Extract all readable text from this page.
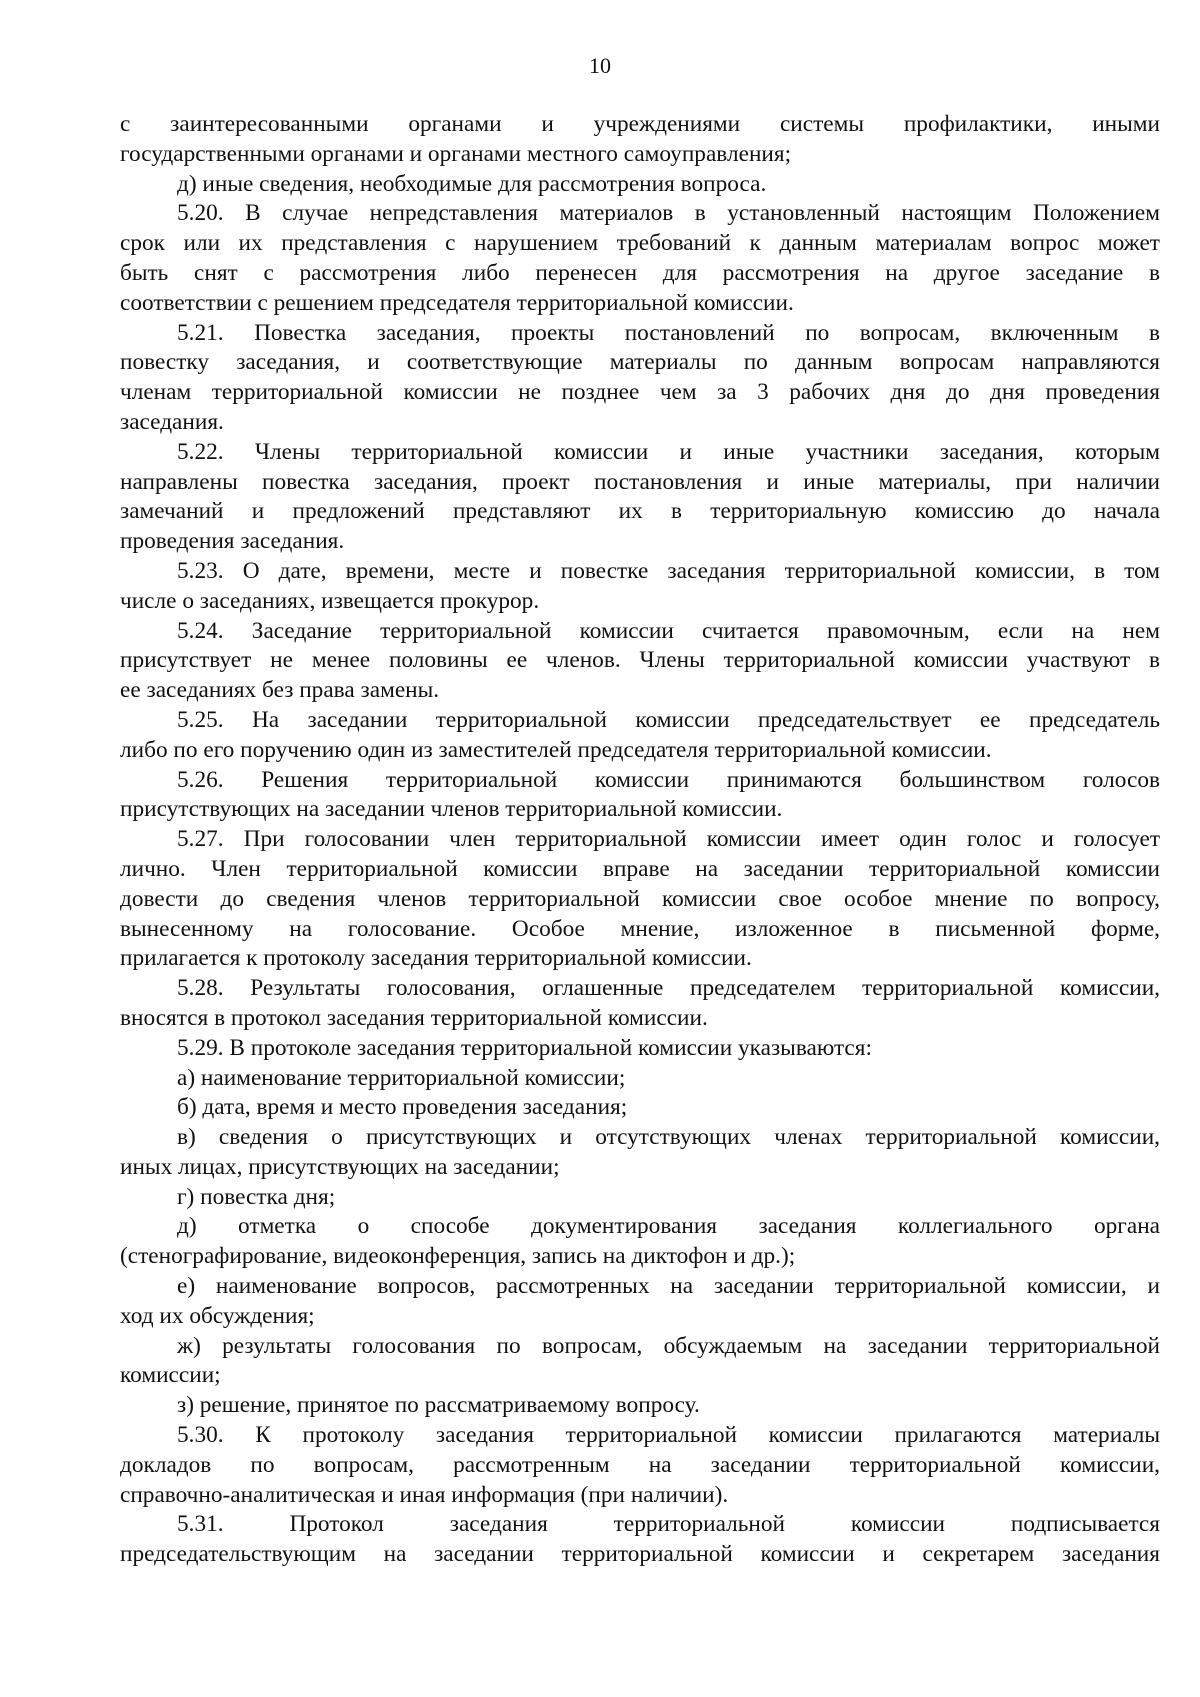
10
с заинтересованными органами и учреждениями системы профилактики, иными
государственными органами и органами местного самоуправления;
д) иные сведения, необходимые для рассмотрения вопроса.
5.20. В случае непредставления материалов в установленный настоящим Положением
срок или их представления с нарушением требований к данным материалам вопрос может
быть снят с рассмотрения либо перенесен для рассмотрения на другое заседание в
соответствии с решением председателя территориальной комиссии.
5.21. Повестка заседания, проекты постановлений по вопросам, включенным в
повестку заседания, и соответствующие материалы по данным вопросам направляются
членам территориальной комиссии не позднее чем за 3 рабочих дня до дня проведения
заседания.
5.22. Члены территориальной комиссии и иные участники заседания, которым
направлены повестка заседания, проект постановления и иные материалы, при наличии
замечаний и предложений представляют их в территориальную комиссию до начала
проведения заседания.
5.23. О дате, времени, месте и повестке заседания территориальной комиссии, в том
числе о заседаниях, извещается прокурор.
5.24. Заседание территориальной комиссии считается правомочным, если на нем
присутствует не менее половины ее членов. Члены территориальной комиссии участвуют в
ее заседаниях без права замены.
5.25. На заседании территориальной комиссии председательствует ее председатель
либо по его поручению один из заместителей председателя территориальной комиссии.
5.26. Решения территориальной комиссии принимаются большинством голосов
присутствующих на заседании членов территориальной комиссии.
5.27. При голосовании член территориальной комиссии имеет один голос и голосует
лично. Член территориальной комиссии вправе на заседании территориальной комиссии
довести до сведения членов территориальной комиссии свое особое мнение по вопросу,
вынесенному на голосование. Особое мнение, изложенное в письменной форме,
прилагается к протоколу заседания территориальной комиссии.
5.28. Результаты голосования, оглашенные председателем территориальной комиссии,
вносятся в протокол заседания территориальной комиссии.
5.29. В протоколе заседания территориальной комиссии указываются:
а) наименование территориальной комиссии;
б) дата, время и место проведения заседания;
в) сведения о присутствующих и отсутствующих членах территориальной комиссии,
иных лицах, присутствующих на заседании;
г) повестка дня;
д) отметка о способе документирования заседания коллегиального органа
(стенографирование, видеоконференция, запись на диктофон и др.);
е) наименование вопросов, рассмотренных на заседании территориальной комиссии, и
ход их обсуждения;
ж) результаты голосования по вопросам, обсуждаемым на заседании территориальной
комиссии;
з) решение, принятое по рассматриваемому вопросу.
5.30. К протоколу заседания территориальной комиссии прилагаются материалы
докладов по вопросам, рассмотренным на заседании территориальной комиссии,
справочно-аналитическая и иная информация (при наличии).
5.31. Протокол заседания территориальной комиссии подписывается
председательствующим на заседании территориальной комиссии и секретарем заседания
